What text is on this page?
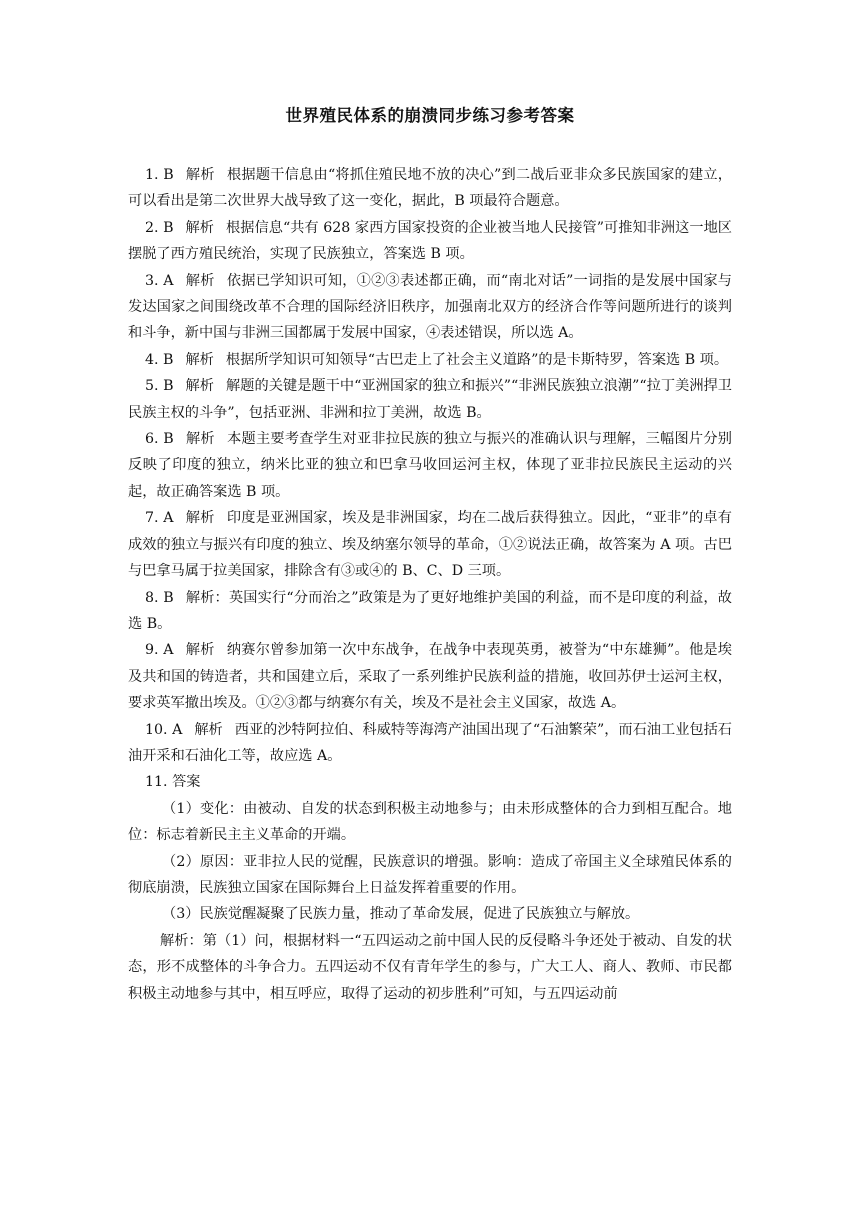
世界殖民体系的崩溃同步练习参考答案

1. B 解析 根据题干信息由“将抓住殖民地不放的决心”到二战后亚非众多民族国家的建立，可以看出是第二次世界大战导致了这一变化，据此，B 项最符合题意。

2. B 解析 根据信息“共有 628 家西方国家投资的企业被当地人民接管”可推知非洲这一地区摆脱了西方殖民统治，实现了民族独立，答案选 B 项。

3. A 解析 依据已学知识可知，①②③表述都正确，而“南北对话”一词指的是发展中国家与发达国家之间围绕改革不合理的国际经济旧秩序，加强南北双方的经济合作等问题所进行的谈判和斗争，新中国与非洲三国都属于发展中国家，④表述错误，所以选 A。

4. B 解析 根据所学知识可知领导“古巴走上了社会主义道路”的是卡斯特罗，答案选 B 项。

5. B 解析 解题的关键是题干中“亚洲国家的独立和振兴”“非洲民族独立浪潮”“拉丁美洲捍卫民族主权的斗争”，包括亚洲、非洲和拉丁美洲，故选 B。

6. B 解析 本题主要考查学生对亚非拉民族的独立与振兴的准确认识与理解，三幅图片分别反映了印度的独立，纳米比亚的独立和巴拿马收回运河主权，体现了亚非拉民族民主运动的兴起，故正确答案选 B 项。

7. A 解析 印度是亚洲国家，埃及是非洲国家，均在二战后获得独立。因此，“亚非”的卓有成效的独立与振兴有印度的独立、埃及纳塞尔领导的革命，①②说法正确，故答案为 A 项。古巴与巴拿马属于拉美国家，排除含有③或④的 B、C、D 三项。

8. B 解析：英国实行“分而治之”政策是为了更好地维护美国的利益，而不是印度的利益，故选 B。

9. A 解析 纳赛尔曾参加第一次中东战争，在战争中表现英勇，被誉为“中东雄狮”。他是埃及共和国的铸造者，共和国建立后，采取了一系列维护民族利益的措施，收回苏伊士运河主权，要求英军撤出埃及。①②③都与纳赛尔有关，埃及不是社会主义国家，故选 A。

10. A 解析 西亚的沙特阿拉伯、科威特等海湾产油国出现了“石油繁荣”，而石油工业包括石油开采和石油化工等，故应选 A。

11. 答案

（1）变化：由被动、自发的状态到积极主动地参与；由未形成整体的合力到相互配合。地位：标志着新民主主义革命的开端。

（2）原因：亚非拉人民的觉醒，民族意识的增强。影响：造成了帝国主义全球殖民体系的彻底崩溃，民族独立国家在国际舞台上日益发挥着重要的作用。

（3）民族觉醒凝聚了民族力量，推动了革命发展，促进了民族独立与解放。

解析：第（1）问，根据材料一“五四运动之前中国人民的反侵略斗争还处于被动、自发的状态，形不成整体的斗争合力。五四运动不仅有青年学生的参与，广大工人、商人、教师、市民都积极主动地参与其中，相互呼应，取得了运动的初步胜利”可知，与五四运动前
